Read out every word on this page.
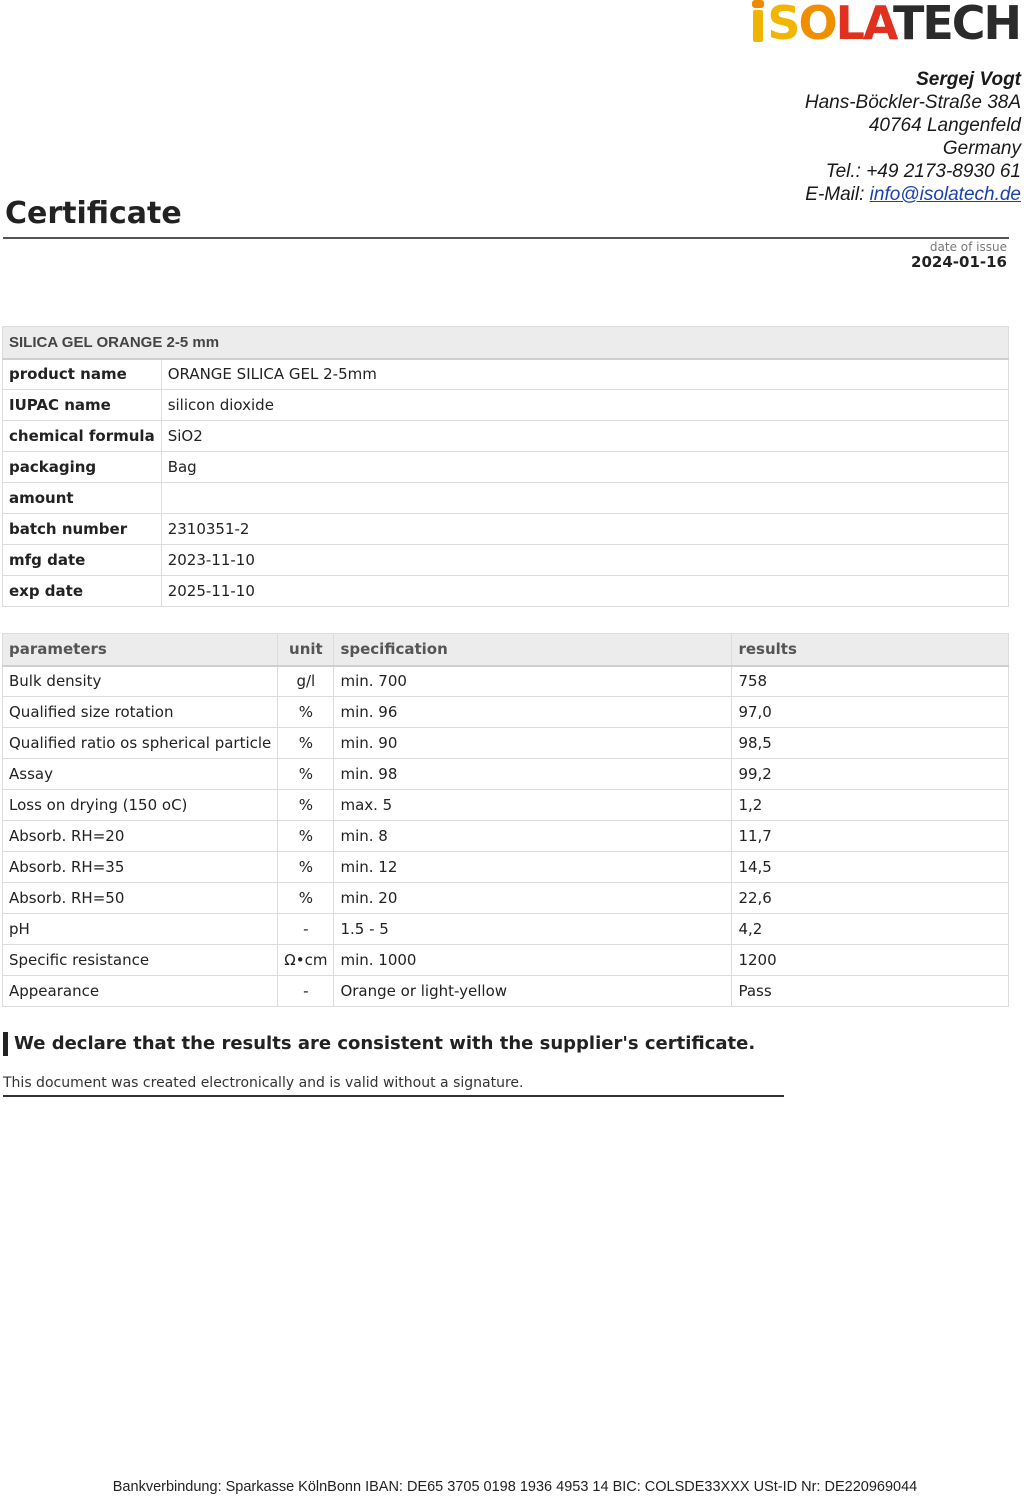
SOLATECH
Sergej Vogt
Hans-Böckler-Straße 38A
40764 Langenfeld
Germany
Tel.: +49 2173-8930 61
E-Mail: info@isolatech.de
Certificate
date of issue
2024-01-16
SILICA GEL ORANGE 2-5 mm	
product name	ORANGE SILICA GEL 2-5mm
IUPAC name	silicon dioxide
chemical formula	SiO2
packaging	Bag
amount	
batch number	2310351-2
mfg date	2023-11-10
exp date	2025-11-10
parameters	unit	specification	results
Bulk density	g/l	min. 700	758
Qualified size rotation	%	min. 96	97,0
Qualified ratio os spherical particle	%	min. 90	98,5
Assay	%	min. 98	99,2
Loss on drying (150 oC)	%	max. 5	1,2
Absorb. RH=20	%	min. 8	11,7
Absorb. RH=35	%	min. 12	14,5
Absorb. RH=50	%	min. 20	22,6
pH	-	1.5 - 5	4,2
Specific resistance	Ω•cm	min. 1000	1200
Appearance	-	Orange or light-yellow	Pass
We declare that the results are consistent with the supplier's certificate.
This document was created electronically and is valid without a signature.
Bankverbindung: Sparkasse KölnBonn IBAN: DE65 3705 0198 1936 4953 14 BIC: COLSDE33XXX USt-ID Nr: DE220969044
